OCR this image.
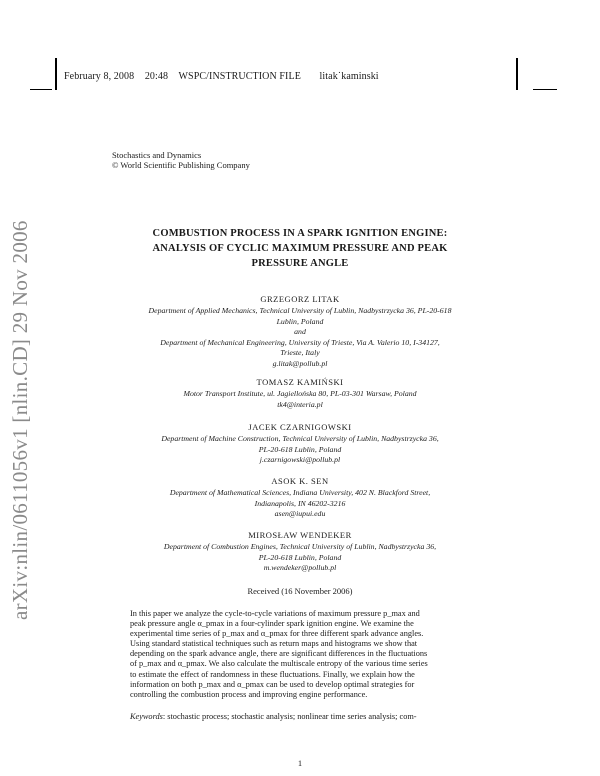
February 8, 2008 20:48 WSPC/INSTRUCTION FILE litak˙kaminski
Stochastics and Dynamics
© World Scientific Publishing Company
arXiv:nlin/0611056v1 [nlin.CD] 29 Nov 2006	COMBUSTION PROCESS IN A SPARK IGNITION ENGINE:
ANALYSIS OF CYCLIC MAXIMUM PRESSURE AND PEAK
PRESSURE ANGLE
GRZEGORZ LITAK
Department of Applied Mechanics, Technical University of Lublin, Nadbystrzycka 36, PL-20-618
Lublin, Poland
and
Department of Mechanical Engineering, University of Trieste, Via A. Valerio 10, I-34127,
Trieste, Italy
g.litak@pollub.pl
TOMASZ KAMIŃSKI
Motor Transport Institute, ul. Jagiellońska 80, PL-03-301 Warsaw, Poland
tk4@interia.pl
JACEK CZARNIGOWSKI
Department of Machine Construction, Technical University of Lublin, Nadbystrzycka 36,
PL-20-618 Lublin, Poland
j.czarnigowski@pollub.pl
ASOK K. SEN
Department of Mathematical Sciences, Indiana University, 402 N. Blackford Street,
Indianapolis, IN 46202-3216
asen@iupui.edu
MIROSŁAW WENDEKER
Department of Combustion Engines, Technical University of Lublin, Nadbystrzycka 36,
PL-20-618 Lublin, Poland
m.wendeker@pollub.pl
Received (16 November 2006)
In this paper we analyze the cycle-to-cycle variations of maximum pressure p_max and
peak pressure angle α_pmax in a four-cylinder spark ignition engine. We examine the
experimental time series of p_max and α_pmax for three different spark advance angles.
Using standard statistical techniques such as return maps and histograms we show that
depending on the spark advance angle, there are significant differences in the fluctuations
of p_max and α_pmax. We also calculate the multiscale entropy of the various time series
to estimate the effect of randomness in these fluctuations. Finally, we explain how the
information on both p_max and α_pmax can be used to develop optimal strategies for
controlling the combustion process and improving engine performance.
Keywords: stochastic process; stochastic analysis; nonlinear time series analysis; com-
1
